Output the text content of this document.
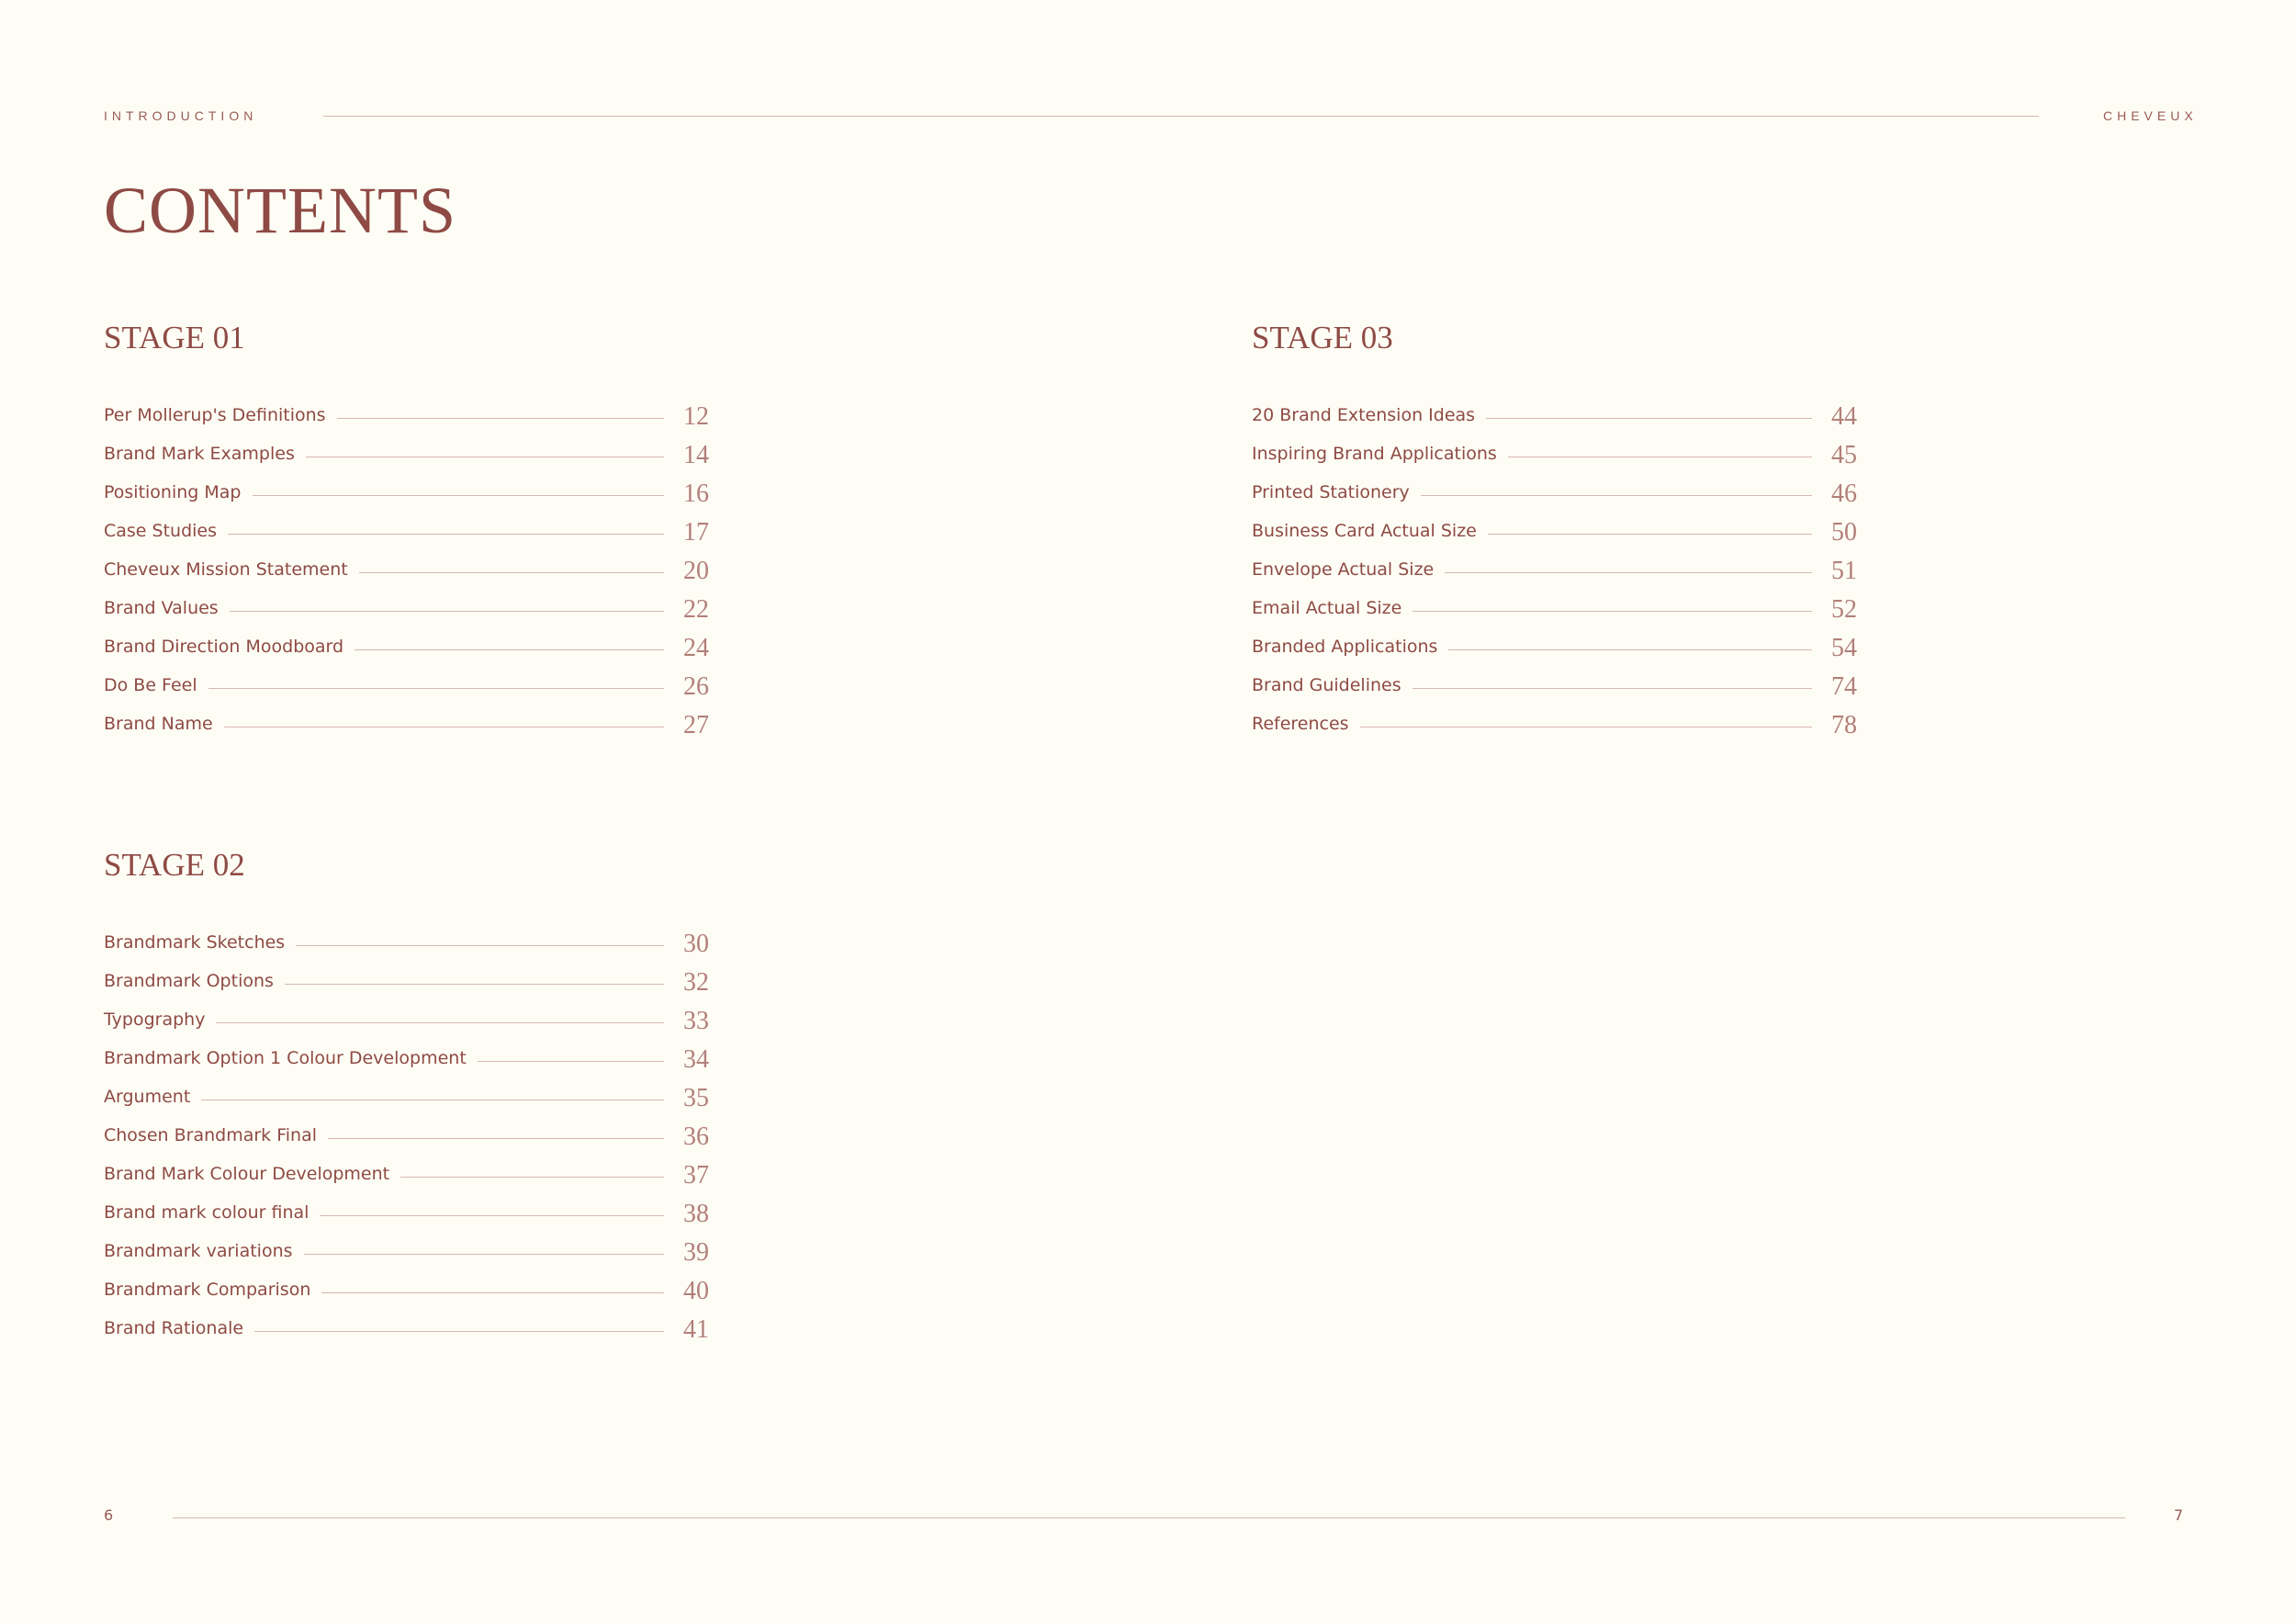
INTRODUCTION	CHEVEUX
CONTENTS
STAGE 01
Per Mollerup's Definitions	12
Brand Mark Examples	14
Positioning Map	16
Case Studies	17
Cheveux Mission Statement	20
Brand Values	22
Brand Direction Moodboard	24
Do Be Feel	26
Brand Name	27
STAGE 02
Brandmark Sketches	30
Brandmark Options	32
Typography	33
Brandmark Option 1 Colour Development	34
Argument	35
Chosen Brandmark Final	36
Brand Mark Colour Development	37
Brand mark colour final	38
Brandmark variations	39
Brandmark Comparison	40
Brand Rationale	41
STAGE 03
20 Brand Extension Ideas	44
Inspiring Brand Applications	45
Printed Stationery	46
Business Card Actual Size	50
Envelope Actual Size	51
Email Actual Size	52
Branded Applications	54
Brand Guidelines	74
References	78
6	7
